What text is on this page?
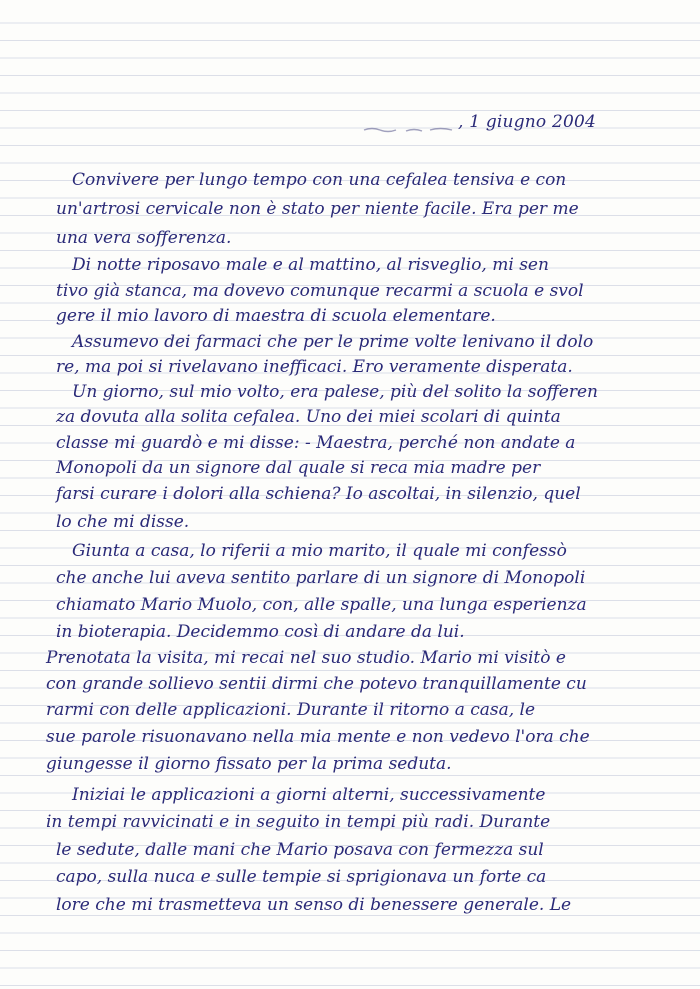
, 1 giugno 2004
Convivere per lungo tempo con una cefalea tensiva e con
un'artrosi cervicale non è stato per niente facile. Era per me
una vera sofferenza.
Di notte riposavo male e al mattino, al risveglio, mi sen
tivo già stanca, ma dovevo comunque recarmi a scuola e svol
gere il mio lavoro di maestra di scuola elementare.
Assumevo dei farmaci che per le prime volte lenivano il dolo
re, ma poi si rivelavano inefficaci. Ero veramente disperata.
Un giorno, sul mio volto, era palese, più del solito la sofferen
za dovuta alla solita cefalea. Uno dei miei scolari di quinta
classe mi guardò e mi disse: - Maestra, perché non andate a
Monopoli da un signore dal quale si reca mia madre per
farsi curare i dolori alla schiena? Io ascoltai, in silenzio, quel
lo che mi disse.
Giunta a casa, lo riferii a mio marito, il quale mi confessò
che anche lui aveva sentito parlare di un signore di Monopoli
chiamato Mario Muolo, con, alle spalle, una lunga esperienza
in bioterapia. Decidemmo così di andare da lui.
Prenotata la visita, mi recai nel suo studio. Mario mi visitò e
con grande sollievo sentii dirmi che potevo tranquillamente cu
rarmi con delle applicazioni. Durante il ritorno a casa, le
sue parole risuonavano nella mia mente e non vedevo l'ora che
giungesse il giorno fissato per la prima seduta.
Iniziai le applicazioni a giorni alterni, successivamente
in tempi ravvicinati e in seguito in tempi più radi. Durante
le sedute, dalle mani che Mario posava con fermezza sul
capo, sulla nuca e sulle tempie si sprigionava un forte ca
lore che mi trasmetteva un senso di benessere generale. Le
